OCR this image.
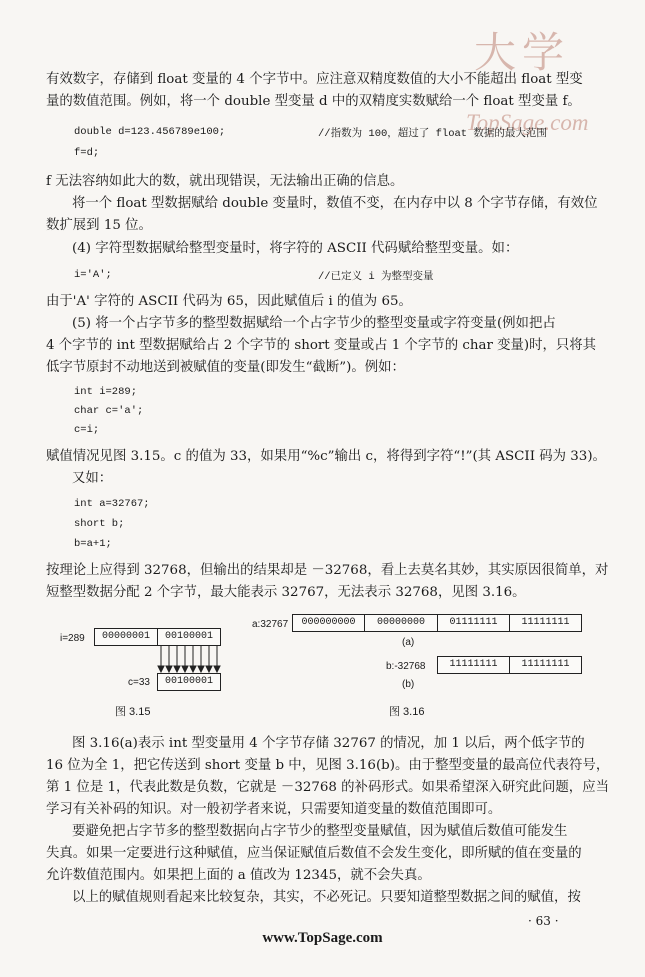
大学
TopSage.com

有效数字，存储到 float 变量的 4 个字节中。应注意双精度数值的大小不能超出 float 型变

量的数值范围。例如，将一个 double 型变量 d 中的双精度实数赋给一个 float 型变量 f。

double d=123.456789e100;	//指数为 100，超过了 float 数据的最大范围
f=d;

f 无法容纳如此大的数，就出现错误，无法输出正确的信息。

将一个 float 型数据赋给 double 变量时，数值不变，在内存中以 8 个字节存储，有效位

数扩展到 15 位。

(4) 字符型数据赋给整型变量时，将字符的 ASCII 代码赋给整型变量。如：

i='A';	//已定义 i 为整型变量

由于'A' 字符的 ASCII 代码为 65，因此赋值后 i 的值为 65。

(5) 将一个占字节多的整型数据赋给一个占字节少的整型变量或字符变量(例如把占

4 个字节的 int 型数据赋给占 2 个字节的 short 变量或占 1 个字节的 char 变量)时，只将其

低字节原封不动地送到被赋值的变量(即发生“截断”)。例如：

int i=289;
char c='a';
c=i;

赋值情况见图 3.15。c 的值为 33，如果用“%c”输出 c，将得到字符“!”(其 ASCII 码为 33)。

又如：

int a=32767;
short b;
b=a+1;

按理论上应得到 32768，但输出的结果却是 －32768，看上去莫名其妙，其实原因很简单，对

短整型数据分配 2 个字节，最大能表示 32767，无法表示 32768，见图 3.16。

i=289	00000001	00100001
c=33	00100001
图 3.15
a:32767	000000000	00000000	01111111	11111111
(a)
b:-32768	11111111	11111111
(b)
图 3.16

图 3.16(a)表示 int 型变量用 4 个字节存储 32767 的情况，加 1 以后，两个低字节的

16 位为全 1，把它传送到 short 变量 b 中，见图 3.16(b)。由于整型变量的最高位代表符号，

第 1 位是 1，代表此数是负数，它就是 －32768 的补码形式。如果希望深入研究此问题，应当

学习有关补码的知识。对一般初学者来说，只需要知道变量的数值范围即可。

要避免把占字节多的整型数据向占字节少的整型变量赋值，因为赋值后数值可能发生

失真。如果一定要进行这种赋值，应当保证赋值后数值不会发生变化，即所赋的值在变量的

允许数值范围内。如果把上面的 a 值改为 12345，就不会失真。

以上的赋值规则看起来比较复杂，其实，不必死记。只要知道整型数据之间的赋值，按

· 63 ·
www.TopSage.com
